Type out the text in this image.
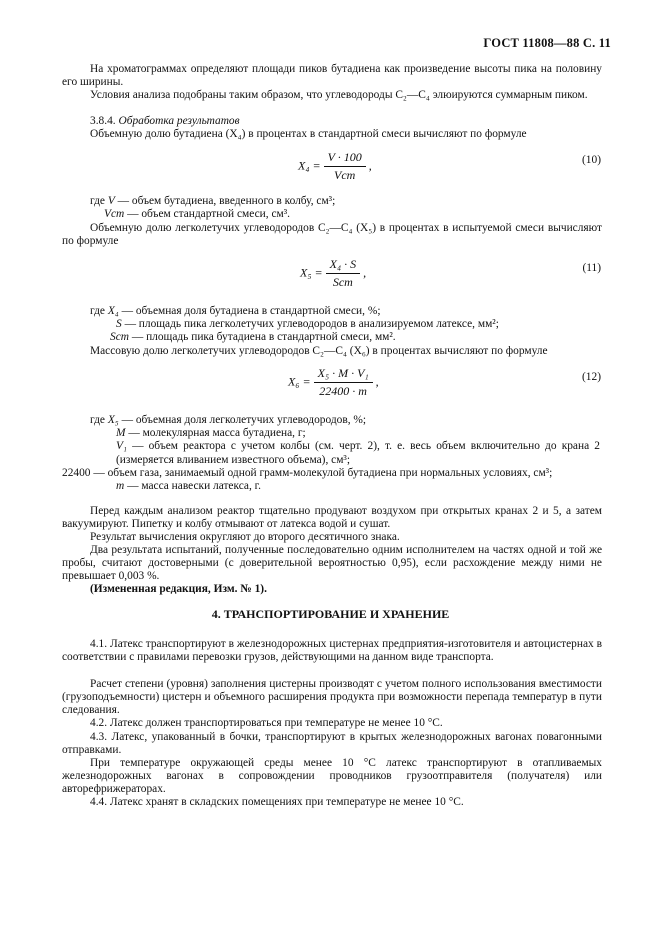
ГОСТ 11808—88 С. 11

На хроматограммах определяют площади пиков бутадиена как произведение высоты пика на половину его ширины.

Условия анализа подобраны таким образом, что углеводороды C₂—C₄ элюируются суммарным пиком.

3.8.4. Обработка результатов

Объемную долю бутадиена (X₄) в процентах в стандартной смеси вычисляют по формуле

$X_4 = \frac{V \cdot 100}{\text{Vст}}$ ,	(10)
где V — объем бутадиена, введенного в колбу, см³;
Vст — объем стандартной смеси, см³.

Объемную долю легколетучих углеводородов C₂—C₄ (X₅) в процентах в испытуемой смеси вычисляют по формуле

$X_5 = \frac{\text{X₄ · S}}{\text{Sст}}$ ,	(11)
где X₄ — объемная доля бутадиена в стандартной смеси, %;
S — площадь пика легколетучих углеводородов в анализируемом латексе, мм²;
Sст — площадь пика бутадиена в стандартной смеси, мм².

Массовую долю легколетучих углеводородов C₂—C₄ (X₆) в процентах вычисляют по формуле

$X_6 = \frac{\text{X₅ · M · V₁}}{22400 \cdot m}$ ,	(12)
где X₅ — объемная доля легколетучих углеводородов, %;
M — молекулярная масса бутадиена, г;
V₁ — объем реактора с учетом колбы (см. черт. 2), т. е. весь объем включительно до крана 2 (измеряется вливанием известного объема), см³;
22400 — объем газа, занимаемый одной грамм-молекулой бутадиена при нормальных условиях, см³;
m — масса навески латекса, г.

Перед каждым анализом реактор тщательно продувают воздухом при открытых кранах 2 и 5, а затем вакуумируют. Пипетку и колбу отмывают от латекса водой и сушат.

Результат вычисления округляют до второго десятичного знака.

Два результата испытаний, полученные последовательно одним исполнителем на частях одной и той же пробы, считают достоверными (с доверительной вероятностью 0,95), если расхождение между ними не превышает 0,003 %.

(Измененная редакция, Изм. № 1).

4. ТРАНСПОРТИРОВАНИЕ И ХРАНЕНИЕ

4.1. Латекс транспортируют в железнодорожных цистернах предприятия-изготовителя и автоцистернах в соответствии с правилами перевозки грузов, действующими на данном виде транспорта.

Расчет степени (уровня) заполнения цистерны производят с учетом полного использования вместимости (грузоподъемности) цистерн и объемного расширения продукта при возможности перепада температур в пути следования.

4.2. Латекс должен транспортироваться при температуре не менее 10 °С.

4.3. Латекс, упакованный в бочки, транспортируют в крытых железнодорожных вагонах повагонными отправками.

При температуре окружающей среды менее 10 °С латекс транспортируют в отапливаемых железнодорожных вагонах в сопровождении проводников грузоотправителя (получателя) или авторефрижераторах.

4.4. Латекс хранят в складских помещениях при температуре не менее 10 °С.
